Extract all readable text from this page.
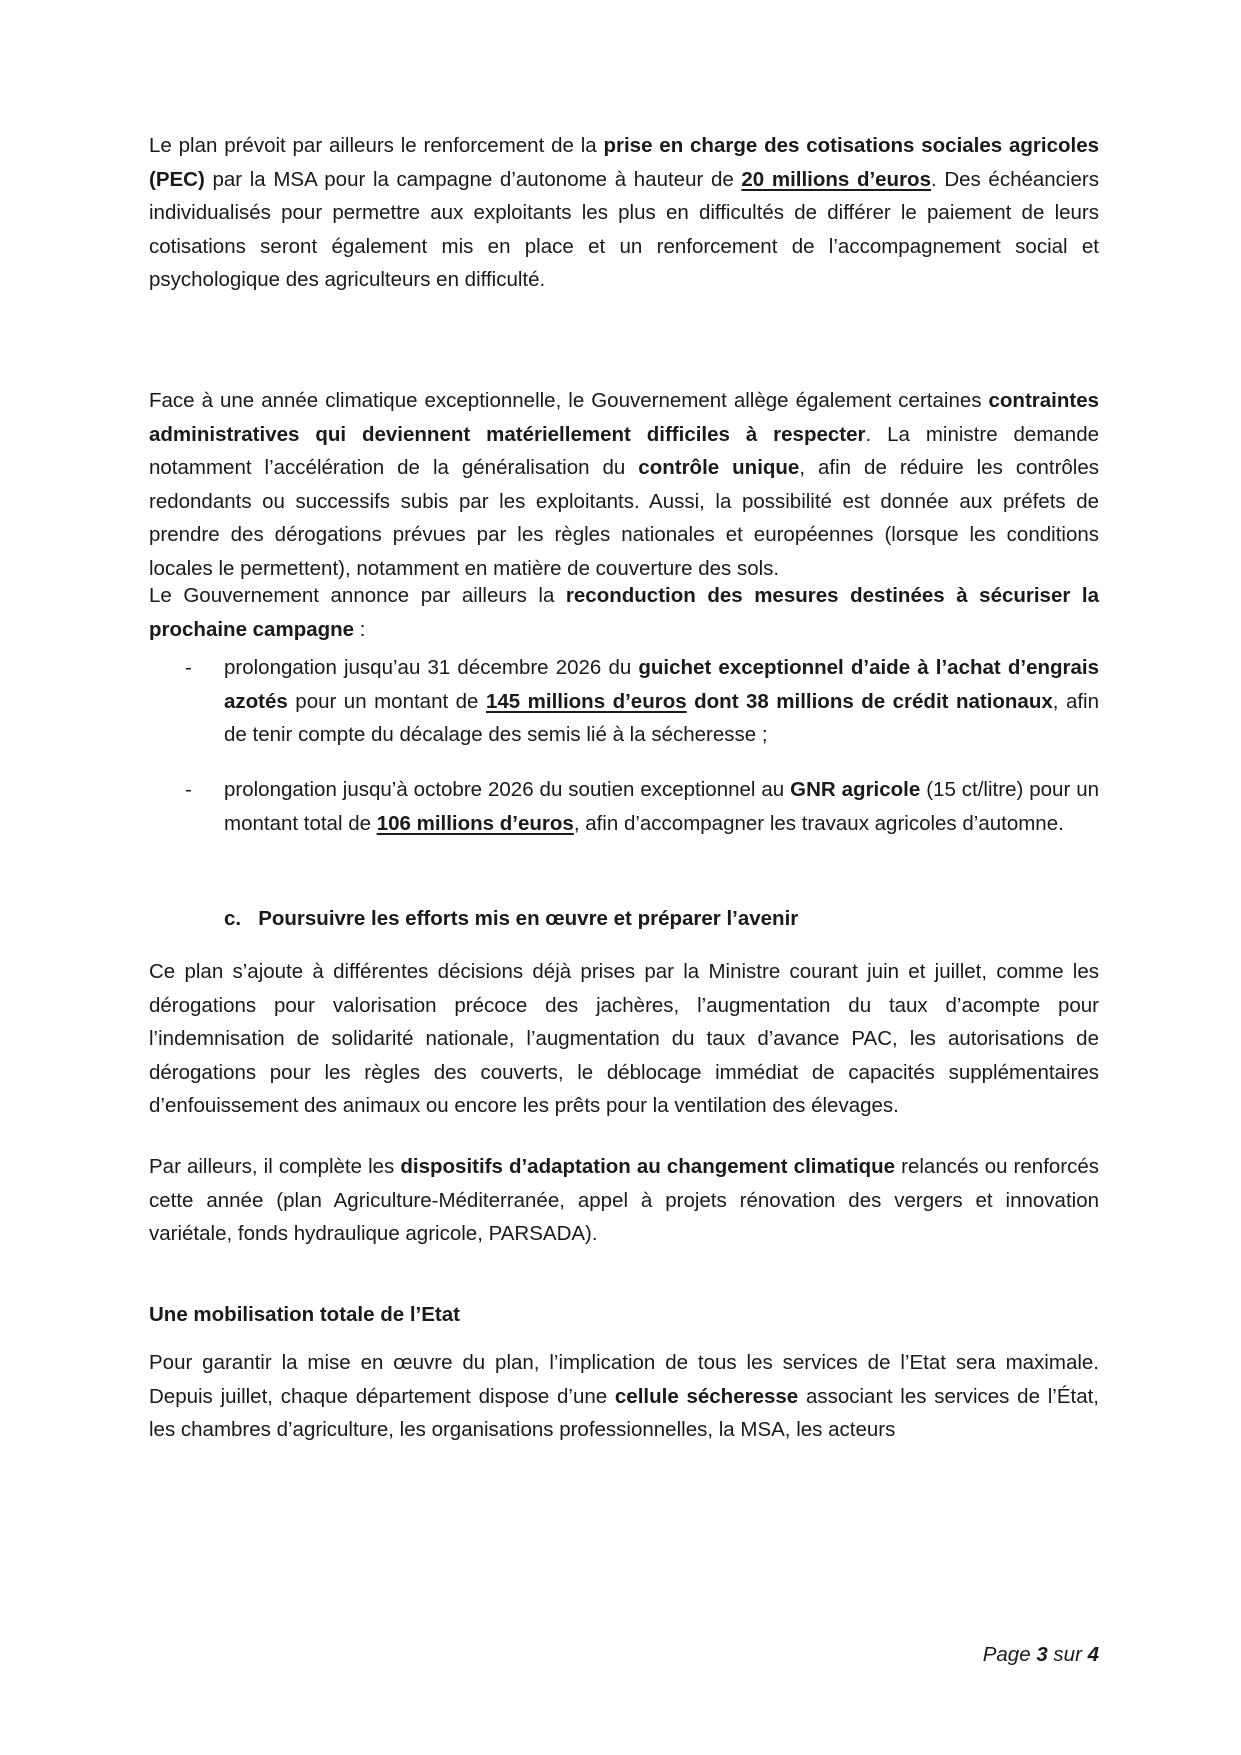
Le plan prévoit par ailleurs le renforcement de la prise en charge des cotisations sociales agricoles (PEC) par la MSA pour la campagne d’autonome à hauteur de 20 millions d’euros. Des échéanciers individualisés pour permettre aux exploitants les plus en difficultés de différer le paiement de leurs cotisations seront également mis en place et un renforcement de l’accompagnement social et psychologique des agriculteurs en difficulté.

Face à une année climatique exceptionnelle, le Gouvernement allège également certaines contraintes administratives qui deviennent matériellement difficiles à respecter. La ministre demande notamment l’accélération de la généralisation du contrôle unique, afin de réduire les contrôles redondants ou successifs subis par les exploitants. Aussi, la possibilité est donnée aux préfets de prendre des dérogations prévues par les règles nationales et européennes (lorsque les conditions locales le permettent), notamment en matière de couverture des sols.

Le Gouvernement annonce par ailleurs la reconduction des mesures destinées à sécuriser la prochaine campagne :

- prolongation jusqu’au 31 décembre 2026 du guichet exceptionnel d’aide à l’achat d’engrais azotés pour un montant de 145 millions d’euros dont 38 millions de crédit nationaux, afin de tenir compte du décalage des semis lié à la sécheresse ;
- prolongation jusqu’à octobre 2026 du soutien exceptionnel au GNR agricole (15 ct/litre) pour un montant total de 106 millions d’euros, afin d’accompagner les travaux agricoles d’automne.
c. Poursuivre les efforts mis en œuvre et préparer l’avenir

Ce plan s’ajoute à différentes décisions déjà prises par la Ministre courant juin et juillet, comme les dérogations pour valorisation précoce des jachères, l’augmentation du taux d’acompte pour l’indemnisation de solidarité nationale, l’augmentation du taux d’avance PAC, les autorisations de dérogations pour les règles des couverts, le déblocage immédiat de capacités supplémentaires d’enfouissement des animaux ou encore les prêts pour la ventilation des élevages.

Par ailleurs, il complète les dispositifs d’adaptation au changement climatique relancés ou renforcés cette année (plan Agriculture-Méditerranée, appel à projets rénovation des vergers et innovation variétale, fonds hydraulique agricole, PARSADA).

Une mobilisation totale de l’Etat

Pour garantir la mise en œuvre du plan, l’implication de tous les services de l’Etat sera maximale. Depuis juillet, chaque département dispose d’une cellule sécheresse associant les services de l’État, les chambres d’agriculture, les organisations professionnelles, la MSA, les acteurs

Page 3 sur 4
